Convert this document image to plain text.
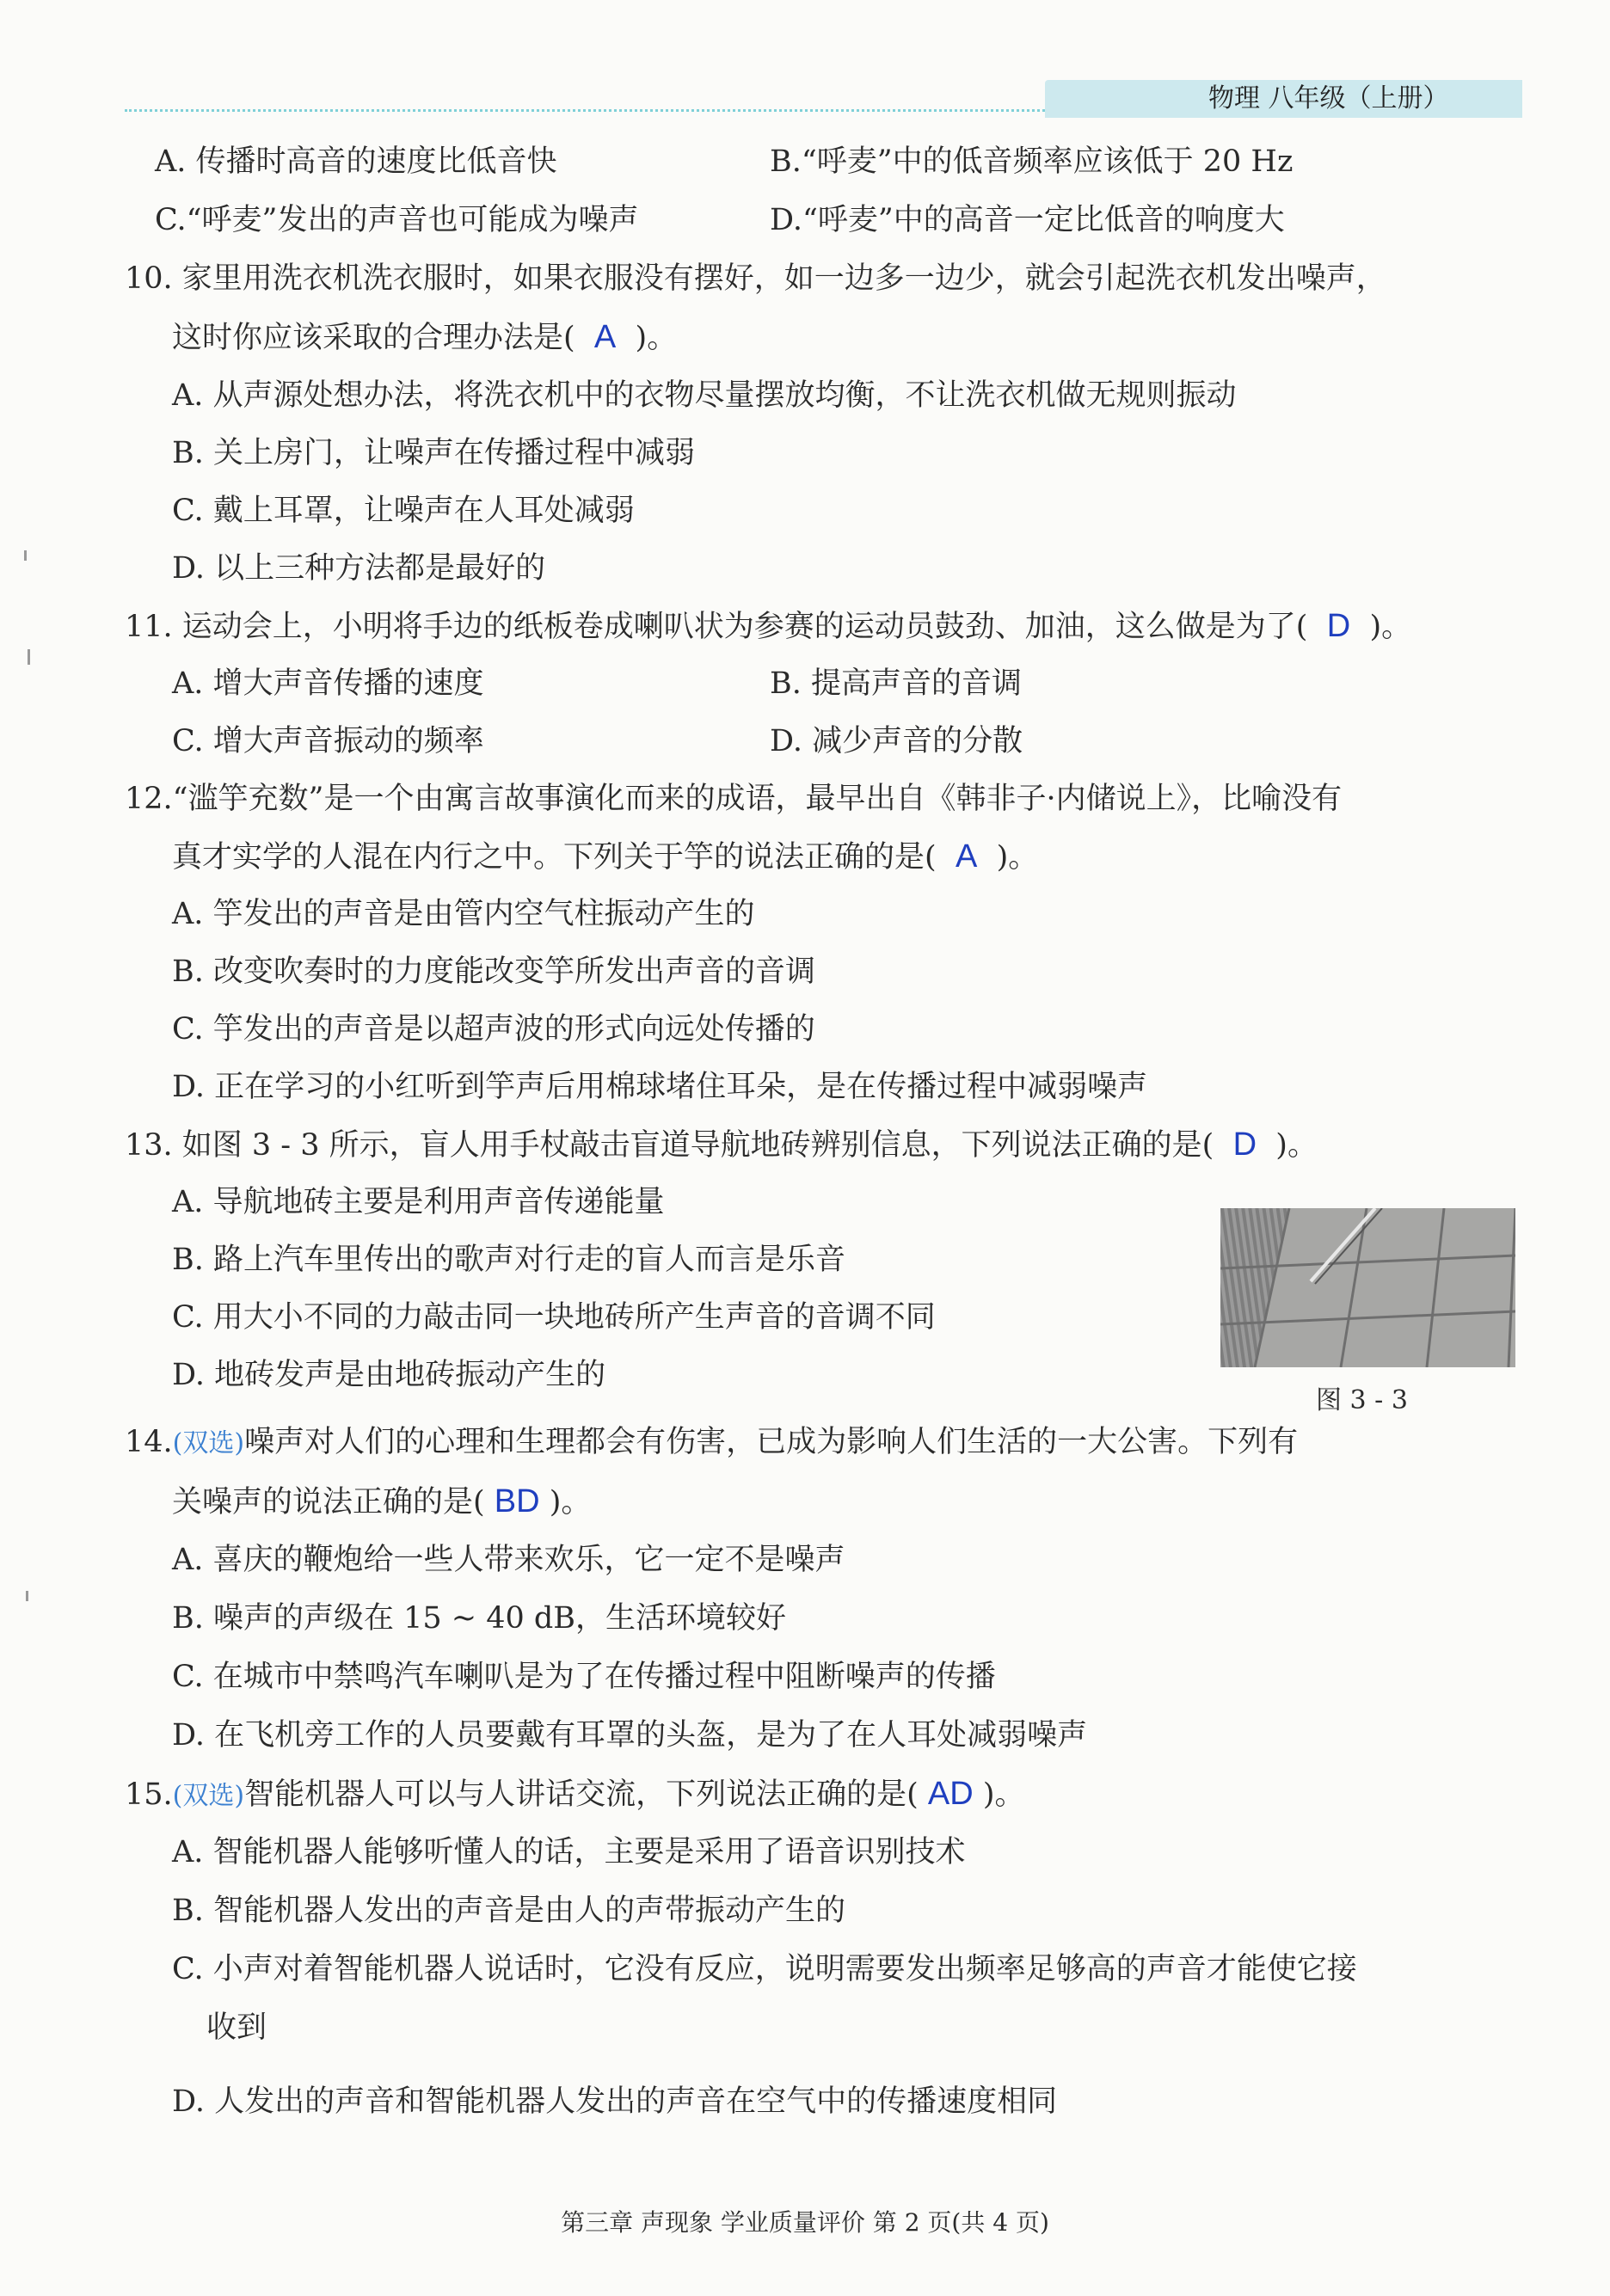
物理 八年级（上册）
A. 传播时高音的速度比低音快	B.“呼麦”中的低音频率应该低于 20 Hz
C.“呼麦”发出的声音也可能成为噪声	D.“呼麦”中的高音一定比低音的响度大
10. 家里用洗衣机洗衣服时，如果衣服没有摆好，如一边多一边少，就会引起洗衣机发出噪声，
这时你应该采取的合理办法是( A )。
A. 从声源处想办法，将洗衣机中的衣物尽量摆放均衡，不让洗衣机做无规则振动
B. 关上房门，让噪声在传播过程中减弱
C. 戴上耳罩，让噪声在人耳处减弱
D. 以上三种方法都是最好的
11. 运动会上，小明将手边的纸板卷成喇叭状为参赛的运动员鼓劲、加油，这么做是为了( D )。
A. 增大声音传播的速度	B. 提高声音的音调
C. 增大声音振动的频率	D. 减少声音的分散
12.“滥竽充数”是一个由寓言故事演化而来的成语，最早出自《韩非子·内储说上》，比喻没有
真才实学的人混在内行之中。下列关于竽的说法正确的是( A )。
A. 竽发出的声音是由管内空气柱振动产生的
B. 改变吹奏时的力度能改变竽所发出声音的音调
C. 竽发出的声音是以超声波的形式向远处传播的
D. 正在学习的小红听到竽声后用棉球堵住耳朵，是在传播过程中减弱噪声
13. 如图 3 - 3 所示，盲人用手杖敲击盲道导航地砖辨别信息，下列说法正确的是( D )。
A. 导航地砖主要是利用声音传递能量
B. 路上汽车里传出的歌声对行走的盲人而言是乐音
C. 用大小不同的力敲击同一块地砖所产生声音的音调不同
D. 地砖发声是由地砖振动产生的
图 3 - 3
14.(双选)噪声对人们的心理和生理都会有伤害，已成为影响人们生活的一大公害。下列有
关噪声的说法正确的是( BD )。
A. 喜庆的鞭炮给一些人带来欢乐，它一定不是噪声
B. 噪声的声级在 15 ~ 40 dB，生活环境较好
C. 在城市中禁鸣汽车喇叭是为了在传播过程中阻断噪声的传播
D. 在飞机旁工作的人员要戴有耳罩的头盔，是为了在人耳处减弱噪声
15.(双选)智能机器人可以与人讲话交流，下列说法正确的是( AD )。
A. 智能机器人能够听懂人的话，主要是采用了语音识别技术
B. 智能机器人发出的声音是由人的声带振动产生的
C. 小声对着智能机器人说话时，它没有反应，说明需要发出频率足够高的声音才能使它接
收到
D. 人发出的声音和智能机器人发出的声音在空气中的传播速度相同
第三章 声现象 学业质量评价 第 2 页(共 4 页)
